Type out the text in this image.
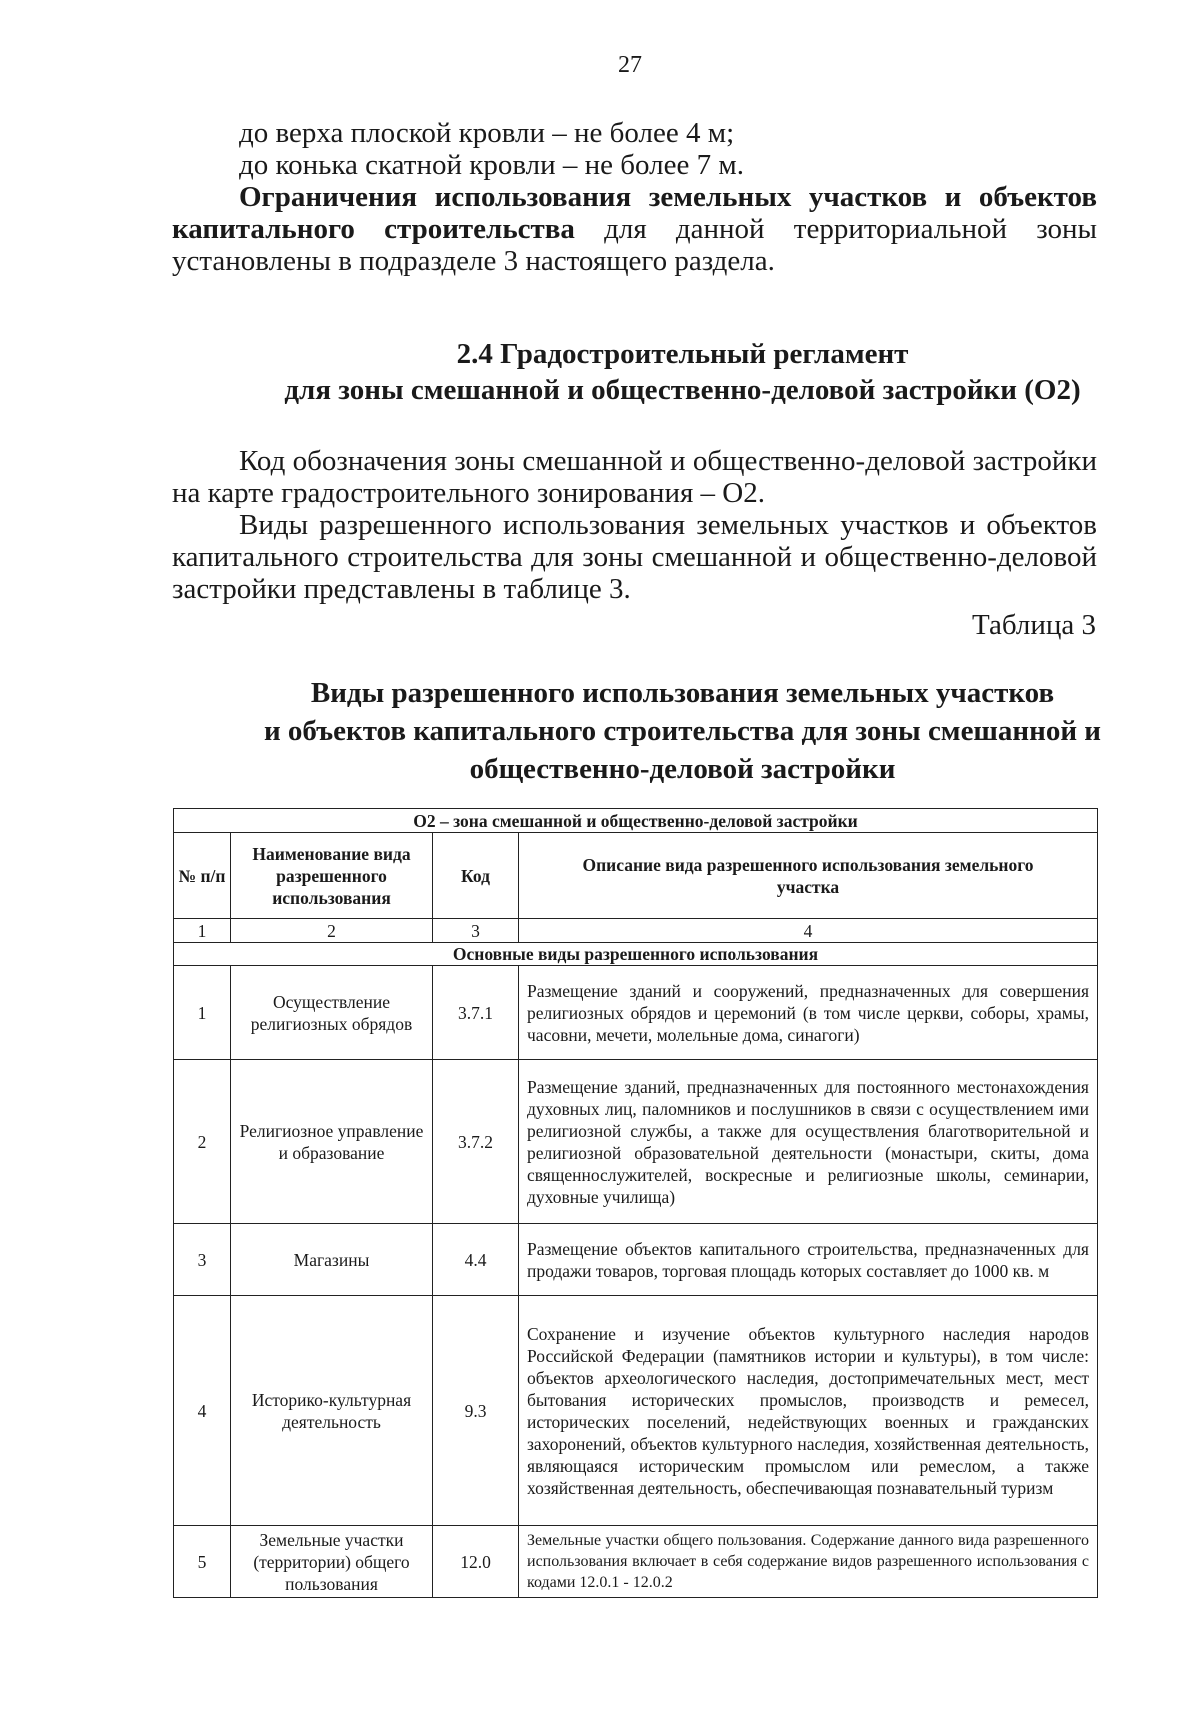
27

до верха плоской кровли – не более 4 м;

до конька скатной кровли – не более 7 м.

Ограничения использования земельных участков и объектов капитального строительства для данной территориальной зоны установлены в подразделе 3 настоящего раздела.

2.4 Градостроительный регламент
для зоны смешанной и общественно-деловой застройки (О2)

Код обозначения зоны смешанной и общественно-деловой застройки на карте градостроительного зонирования – О2.

Виды разрешенного использования земельных участков и объектов капитального строительства для зоны смешанной и общественно-деловой застройки представлены в таблице 3.

Таблица 3
Виды разрешенного использования земельных участков
и объектов капитального строительства для зоны смешанной и
общественно-деловой застройки
О2 – зона смешанной и общественно-деловой застройки			
№ п/п	Наименование вида разрешенного использования	Код	Описание вида разрешенного использования земельного участка
1	2	3	4
Основные виды разрешенного использования			
1	Осуществление религиозных обрядов	3.7.1	Размещение зданий и сооружений, предназначенных для совершения религиозных обрядов и церемоний (в том числе церкви, соборы, храмы, часовни, мечети, молельные дома, синагоги)
2	Религиозное управление и образование	3.7.2	Размещение зданий, предназначенных для постоянного местонахождения духовных лиц, паломников и послушников в связи с осуществлением ими религиозной службы, а также для осуществления благотворительной и религиозной образовательной деятельности (монастыри, скиты, дома священнослужителей, воскресные и религиозные школы, семинарии, духовные училища)
3	Магазины	4.4	Размещение объектов капитального строительства, предназначенных для продажи товаров, торговая площадь которых составляет до 1000 кв. м
4	Историко-культурная деятельность	9.3	Сохранение и изучение объектов культурного наследия народов Российской Федерации (памятников истории и культуры), в том числе: объектов археологического наследия, достопримечательных мест, мест бытования исторических промыслов, производств и ремесел, исторических поселений, недействующих военных и гражданских захоронений, объектов культурного наследия, хозяйственная деятельность, являющаяся историческим промыслом или ремеслом, а также хозяйственная деятельность, обеспечивающая познавательный туризм
5	Земельные участки (территории) общего пользования	12.0	Земельные участки общего пользования. Содержание данного вида разрешенного использования включает в себя содержание видов разрешенного использования с кодами 12.0.1 - 12.0.2
